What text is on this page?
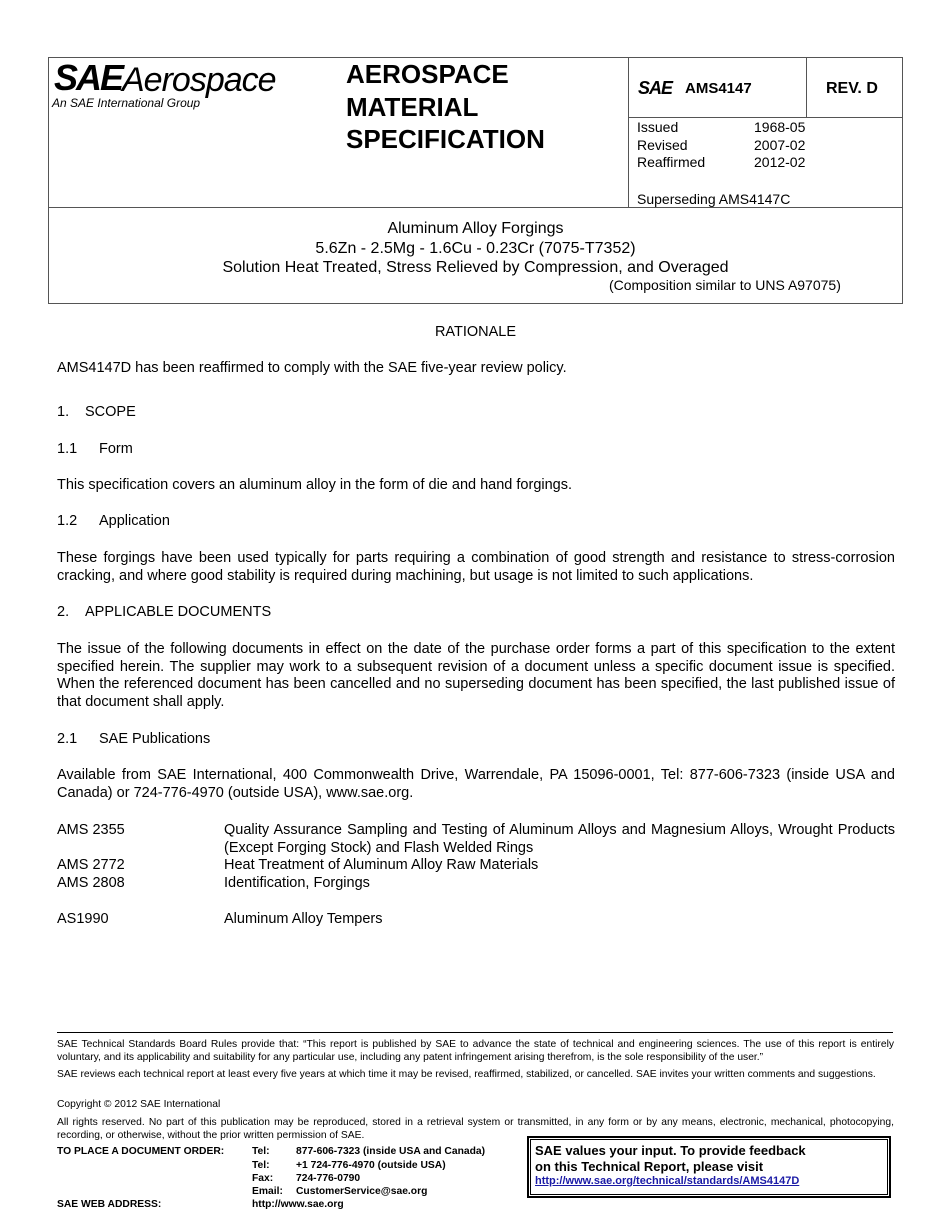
SAE Aerospace
An SAE International Group
AEROSPACE
MATERIAL
SPECIFICATION
SAE AMS4147	REV. D
Issued	1968-05
Revised	2007-02
Reaffirmed	2012-02
Superseding AMS4147C
Aluminum Alloy Forgings
5.6Zn - 2.5Mg - 1.6Cu - 0.23Cr (7075-T7352)
Solution Heat Treated, Stress Relieved by Compression, and Overaged
(Composition similar to UNS A97075)
RATIONALE
AMS4147D has been reaffirmed to comply with the SAE five-year review policy.
1. SCOPE
1.1 Form
This specification covers an aluminum alloy in the form of die and hand forgings.
1.2 Application
These forgings have been used typically for parts requiring a combination of good strength and resistance to stress-corrosion cracking, and where good stability is required during machining, but usage is not limited to such applications.
2. APPLICABLE DOCUMENTS
The issue of the following documents in effect on the date of the purchase order forms a part of this specification to the extent specified herein. The supplier may work to a subsequent revision of a document unless a specific document issue is specified. When the referenced document has been cancelled and no superseding document has been specified, the last published issue of that document shall apply.
2.1 SAE Publications
Available from SAE International, 400 Commonwealth Drive, Warrendale, PA 15096-0001, Tel: 877-606-7323 (inside USA and Canada) or 724-776-4970 (outside USA), www.sae.org.
AMS 2355	Quality Assurance Sampling and Testing of Aluminum Alloys and Magnesium Alloys, Wrought Products (Except Forging Stock) and Flash Welded Rings
AMS 2772	Heat Treatment of Aluminum Alloy Raw Materials
AMS 2808	Identification, Forgings
AS1990	Aluminum Alloy Tempers
SAE Technical Standards Board Rules provide that: “This report is published by SAE to advance the state of technical and engineering sciences. The use of this report is entirely voluntary, and its applicability and suitability for any particular use, including any patent infringement arising therefrom, is the sole responsibility of the user.”
SAE reviews each technical report at least every five years at which time it may be revised, reaffirmed, stabilized, or cancelled. SAE invites your written comments and suggestions.
Copyright © 2012 SAE International
All rights reserved. No part of this publication may be reproduced, stored in a retrieval system or transmitted, in any form or by any means, electronic, mechanical, photocopying, recording, or otherwise, without the prior written permission of SAE.
TO PLACE A DOCUMENT ORDER:	Tel:	877-606-7323 (inside USA and Canada)
Tel:	+1 724-776-4970 (outside USA)
Fax: 724-776-0790
Email: CustomerService@sae.org
SAE WEB ADDRESS:	http://www.sae.org
SAE values your input. To provide feedback
on this Technical Report, please visit
http://www.sae.org/technical/standards/AMS4147D
